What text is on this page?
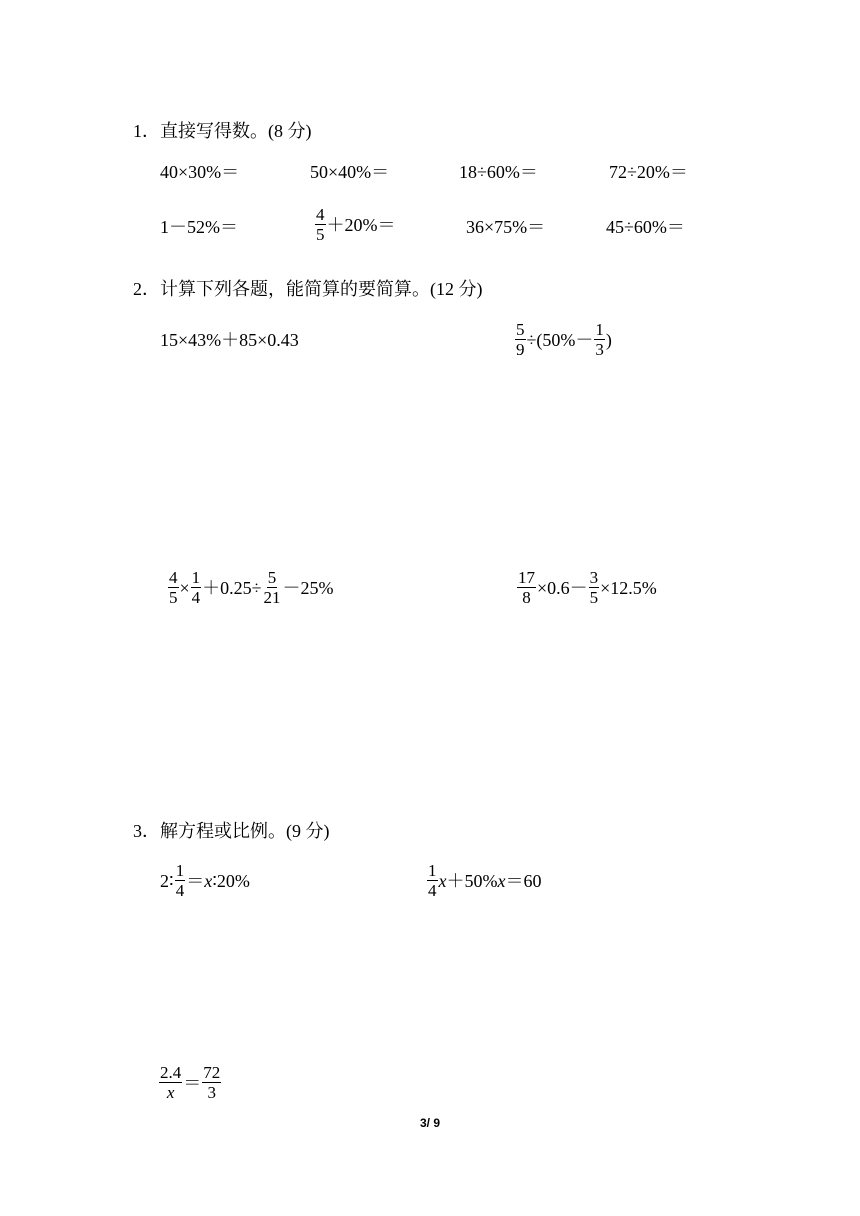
1．直接写得数。(8 分)
40×30%＝	50×40%＝	18÷60%＝	72÷20%＝
1－52%＝	$\frac{4}{5} +20\%=$	36×75%＝	45÷60%＝
2．计算下列各题，能简算的要简算。(12 分)
15×43%＋85×0.43	$\frac{5}{9} \div(50\%- \frac{1}{3}$ )
$\frac{4}{5} \times \frac{1}{4} +0.25\div \frac{5}{21} -25\%$	$\frac{17}{8} \times 0.6- \frac{3}{5} \times 12.5\%$
3．解方程或比例。(9 分)
2∶ $\frac{1}{4} = x$ ∶20%	$\frac{1}{4}$ x ＋50% x ＝60
$\frac{2.4}{x} = \frac{72}{3}$
3/ 9
